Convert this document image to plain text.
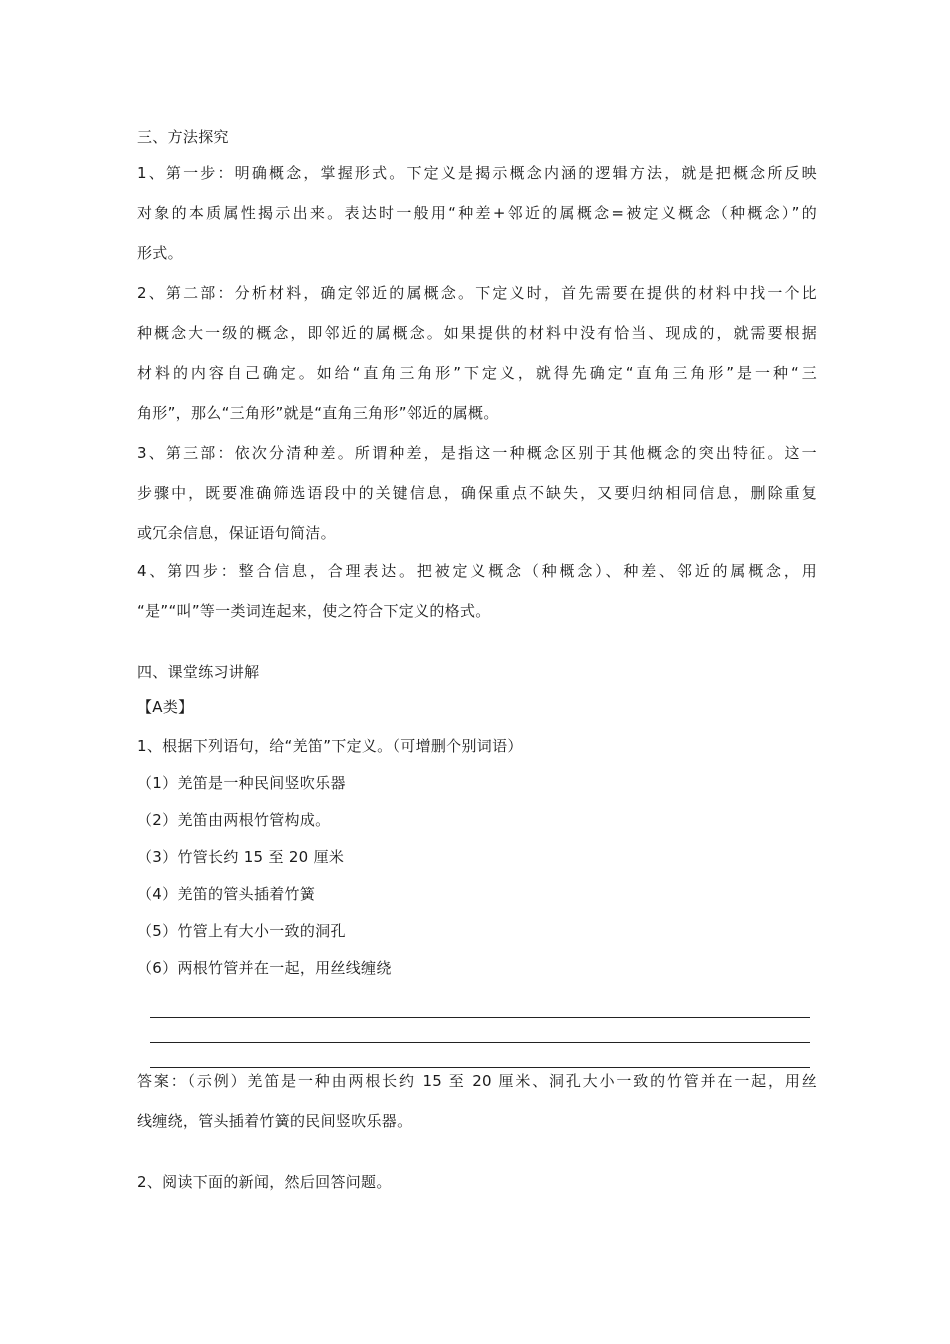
三、方法探究
1、第一步：明确概念，掌握形式。下定义是揭示概念内涵的逻辑方法，就是把概念所反映
对象的本质属性揭示出来。表达时一般用“种差+邻近的属概念=被定义概念（种概念）”的
形式。
2、第二部：分析材料，确定邻近的属概念。下定义时，首先需要在提供的材料中找一个比
种概念大一级的概念，即邻近的属概念。如果提供的材料中没有恰当、现成的，就需要根据
材料的内容自己确定。如给“直角三角形”下定义，就得先确定“直角三角形”是一种“三
角形”，那么“三角形”就是“直角三角形”邻近的属概。
3、第三部：依次分清种差。所谓种差，是指这一种概念区别于其他概念的突出特征。这一
步骤中，既要准确筛选语段中的关键信息，确保重点不缺失，又要归纳相同信息，删除重复
或冗余信息，保证语句简洁。
4、第四步：整合信息，合理表达。把被定义概念（种概念）、种差、邻近的属概念，用
“是”“叫”等一类词连起来，使之符合下定义的格式。
四、课堂练习讲解
【A类】
1、根据下列语句，给“羌笛”下定义。（可增删个别词语）
（1）羌笛是一种民间竖吹乐器
（2）羌笛由两根竹管构成。
（3）竹管长约 15 至 20 厘米
（4）羌笛的管头插着竹簧
（5）竹管上有大小一致的洞孔
（6）两根竹管并在一起，用丝线缠绕
答案：（示例）羌笛是一种由两根长约 15 至 20 厘米、洞孔大小一致的竹管并在一起，用丝
线缠绕，管头插着竹簧的民间竖吹乐器。
2、阅读下面的新闻，然后回答问题。
